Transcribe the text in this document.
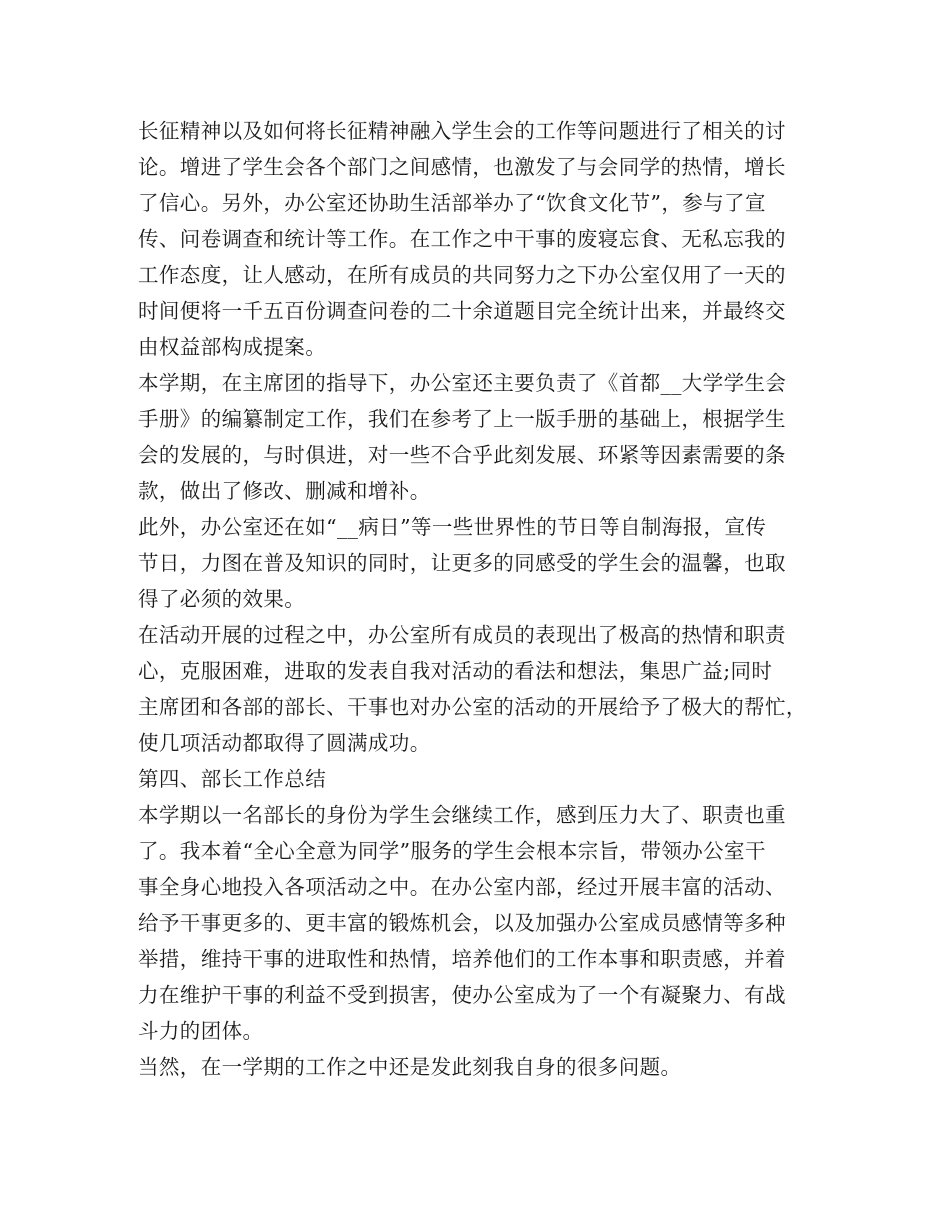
长征精神以及如何将长征精神融入学生会的工作等问题进行了相关的讨
论。增进了学生会各个部门之间感情，也激发了与会同学的热情，增长
了信心。另外，办公室还协助生活部举办了“饮食文化节”，参与了宣
传、问卷调查和统计等工作。在工作之中干事的废寝忘食、无私忘我的
工作态度，让人感动，在所有成员的共同努力之下办公室仅用了一天的
时间便将一千五百份调查问卷的二十余道题目完全统计出来，并最终交
由权益部构成提案。
本学期，在主席团的指导下，办公室还主要负责了《首都__大学学生会
手册》的编纂制定工作，我们在参考了上一版手册的基础上，根据学生
会的发展的，与时俱进，对一些不合乎此刻发展、环紧等因素需要的条
款，做出了修改、删减和增补。
此外，办公室还在如“__病日”等一些世界性的节日等自制海报，宣传
节日，力图在普及知识的同时，让更多的同感受的学生会的温馨，也取
得了必须的效果。
在活动开展的过程之中，办公室所有成员的表现出了极高的热情和职责
心，克服困难，进取的发表自我对活动的看法和想法，集思广益;同时
主席团和各部的部长、干事也对办公室的活动的开展给予了极大的帮忙，
使几项活动都取得了圆满成功。
第四、部长工作总结
本学期以一名部长的身份为学生会继续工作，感到压力大了、职责也重
了。我本着“全心全意为同学”服务的学生会根本宗旨，带领办公室干
事全身心地投入各项活动之中。在办公室内部，经过开展丰富的活动、
给予干事更多的、更丰富的锻炼机会，以及加强办公室成员感情等多种
举措，维持干事的进取性和热情，培养他们的工作本事和职责感，并着
力在维护干事的利益不受到损害，使办公室成为了一个有凝聚力、有战
斗力的团体。
当然，在一学期的工作之中还是发此刻我自身的很多问题。
